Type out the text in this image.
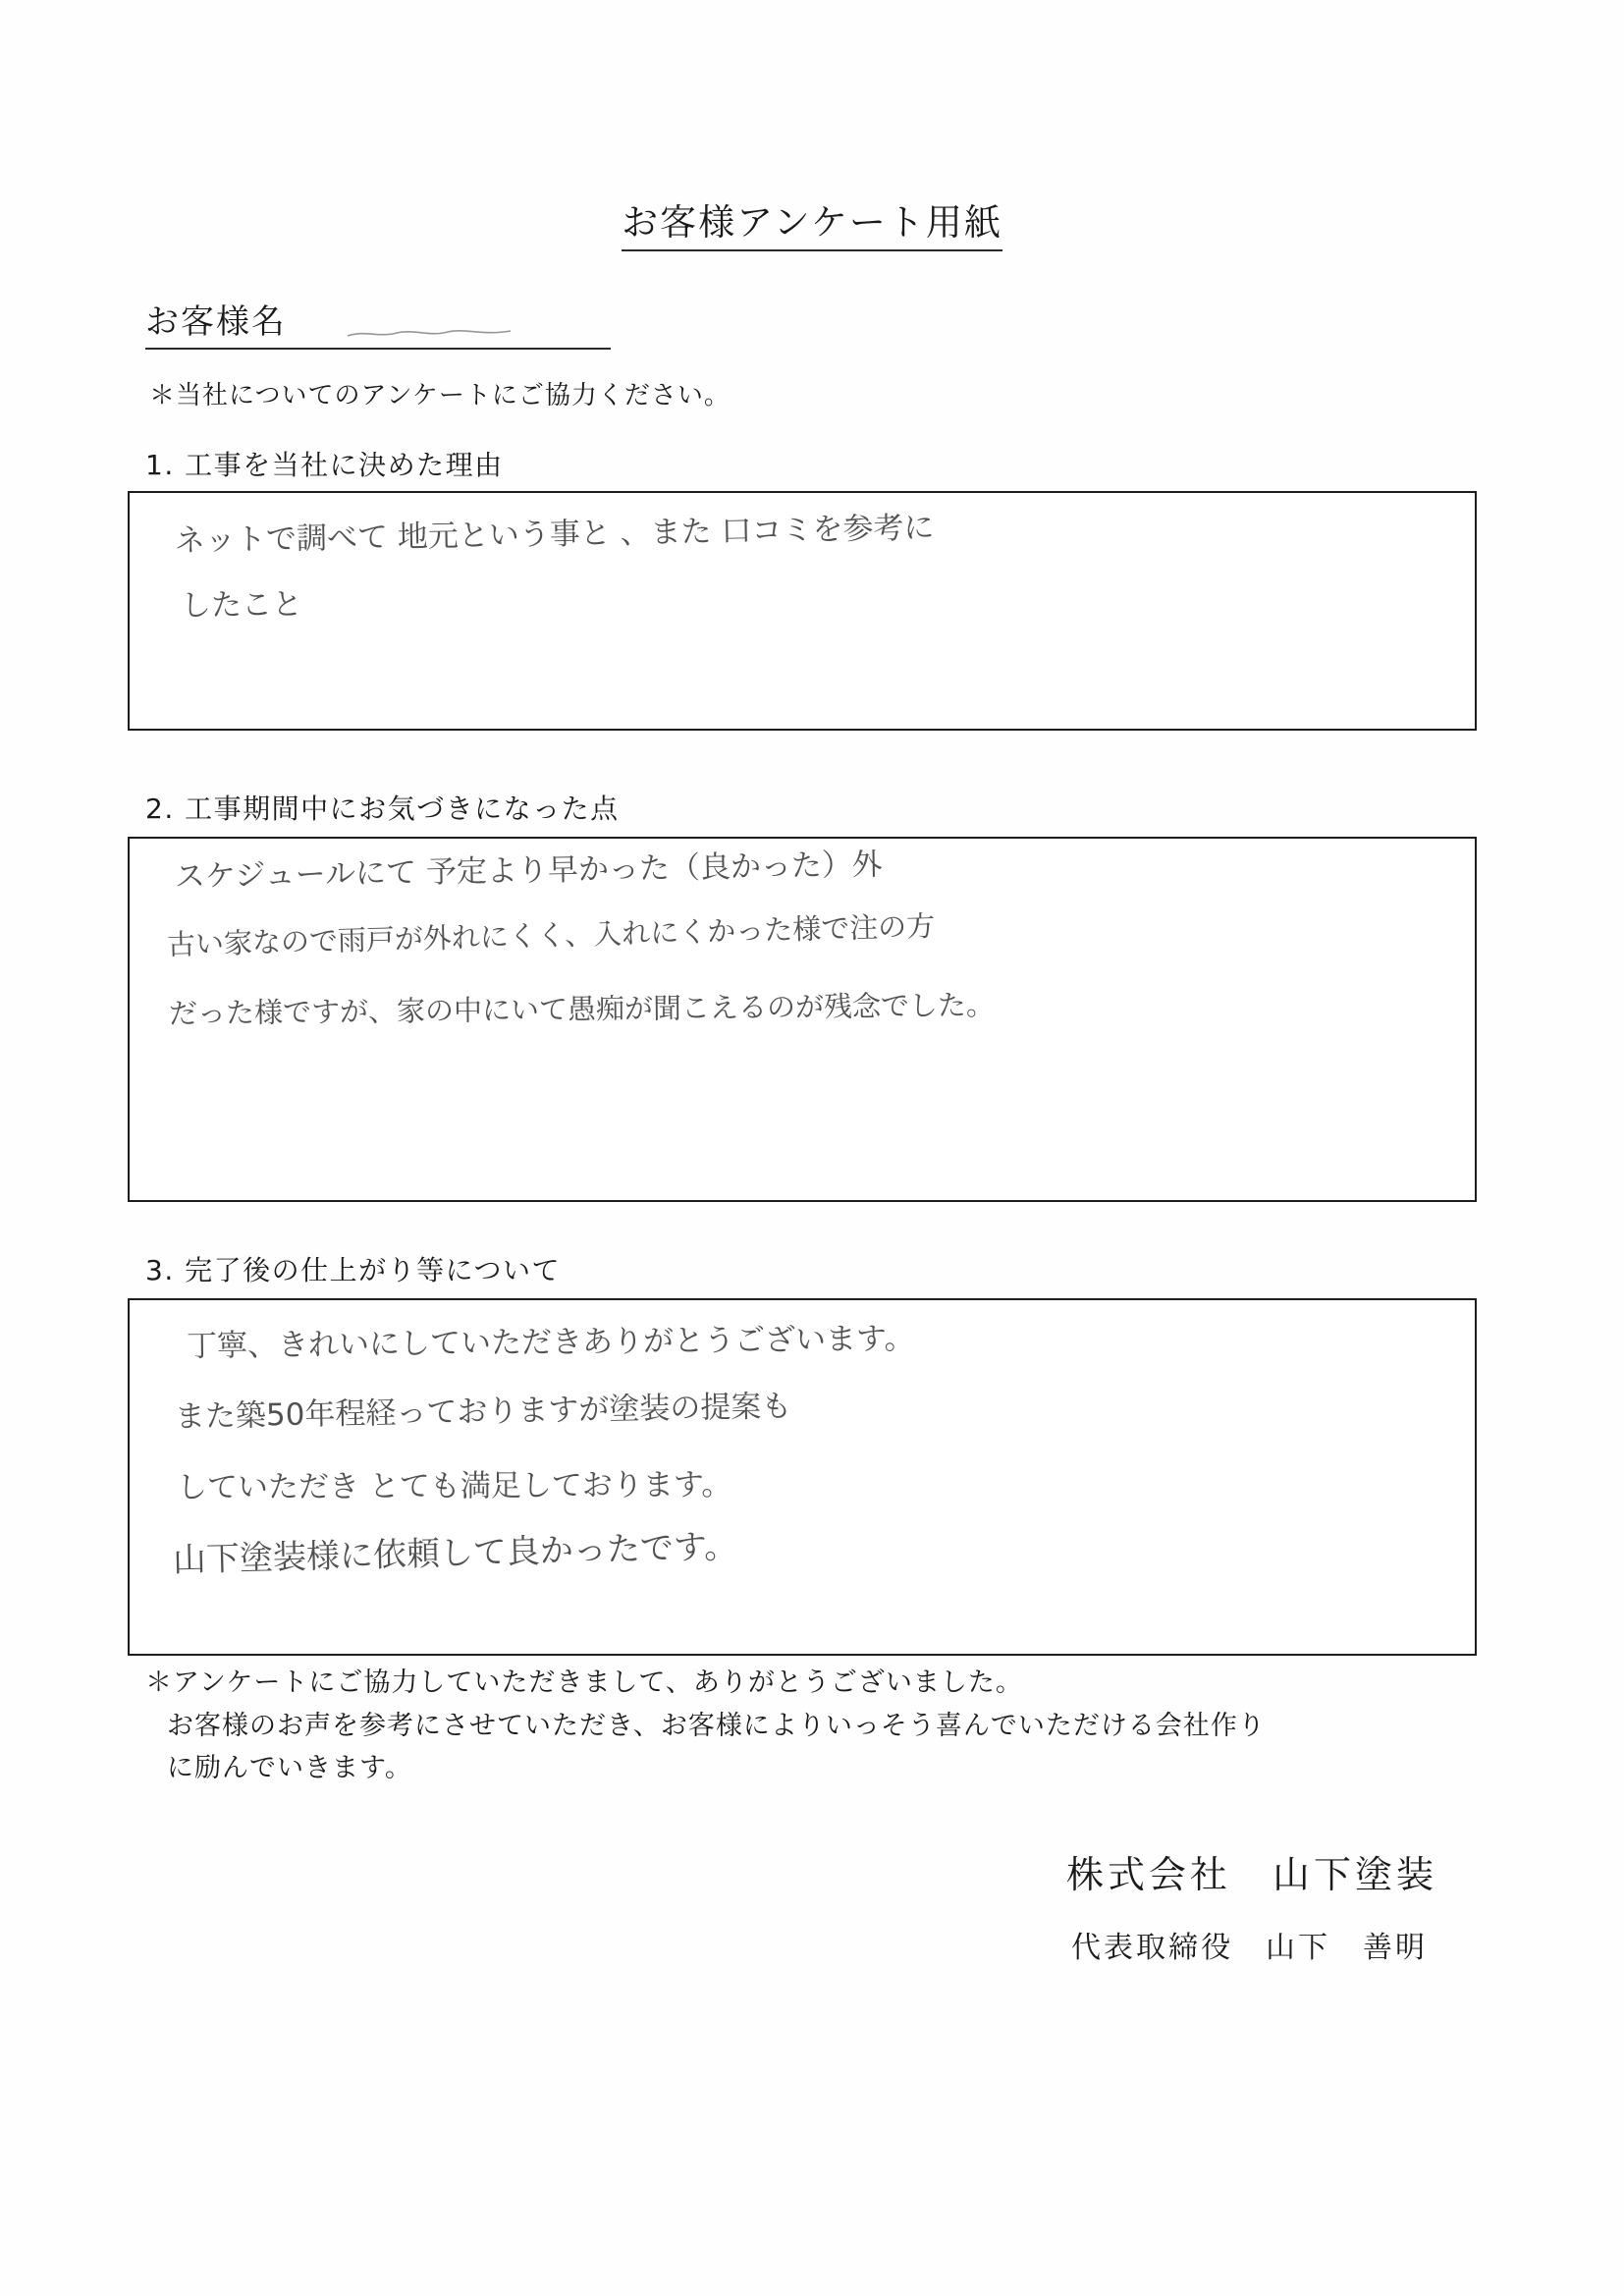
お客様アンケート用紙
お客様名
＊当社についてのアンケートにご協力ください。
1. 工事を当社に決めた理由
ネットで調べて 地元という事と 、また 口コミを参考に
したこと
2. 工事期間中にお気づきになった点
スケジュールにて 予定より早かった（良かった）外
古い家なので雨戸が外れにくく、入れにくかった様で注の方
だった様ですが、家の中にいて愚痴が聞こえるのが残念でした。
3. 完了後の仕上がり等について
丁寧、きれいにしていただきありがとうございます。
また築50年程経っておりますが塗装の提案も
していただき とても満足しております。
山下塗装様に依頼して良かったです。
＊アンケートにご協力していただきまして、ありがとうございました。
お客様のお声を参考にさせていただき、お客様によりいっそう喜んでいただける会社作り
に励んでいきます。
株式会社　山下塗装
代表取締役　山下　善明
